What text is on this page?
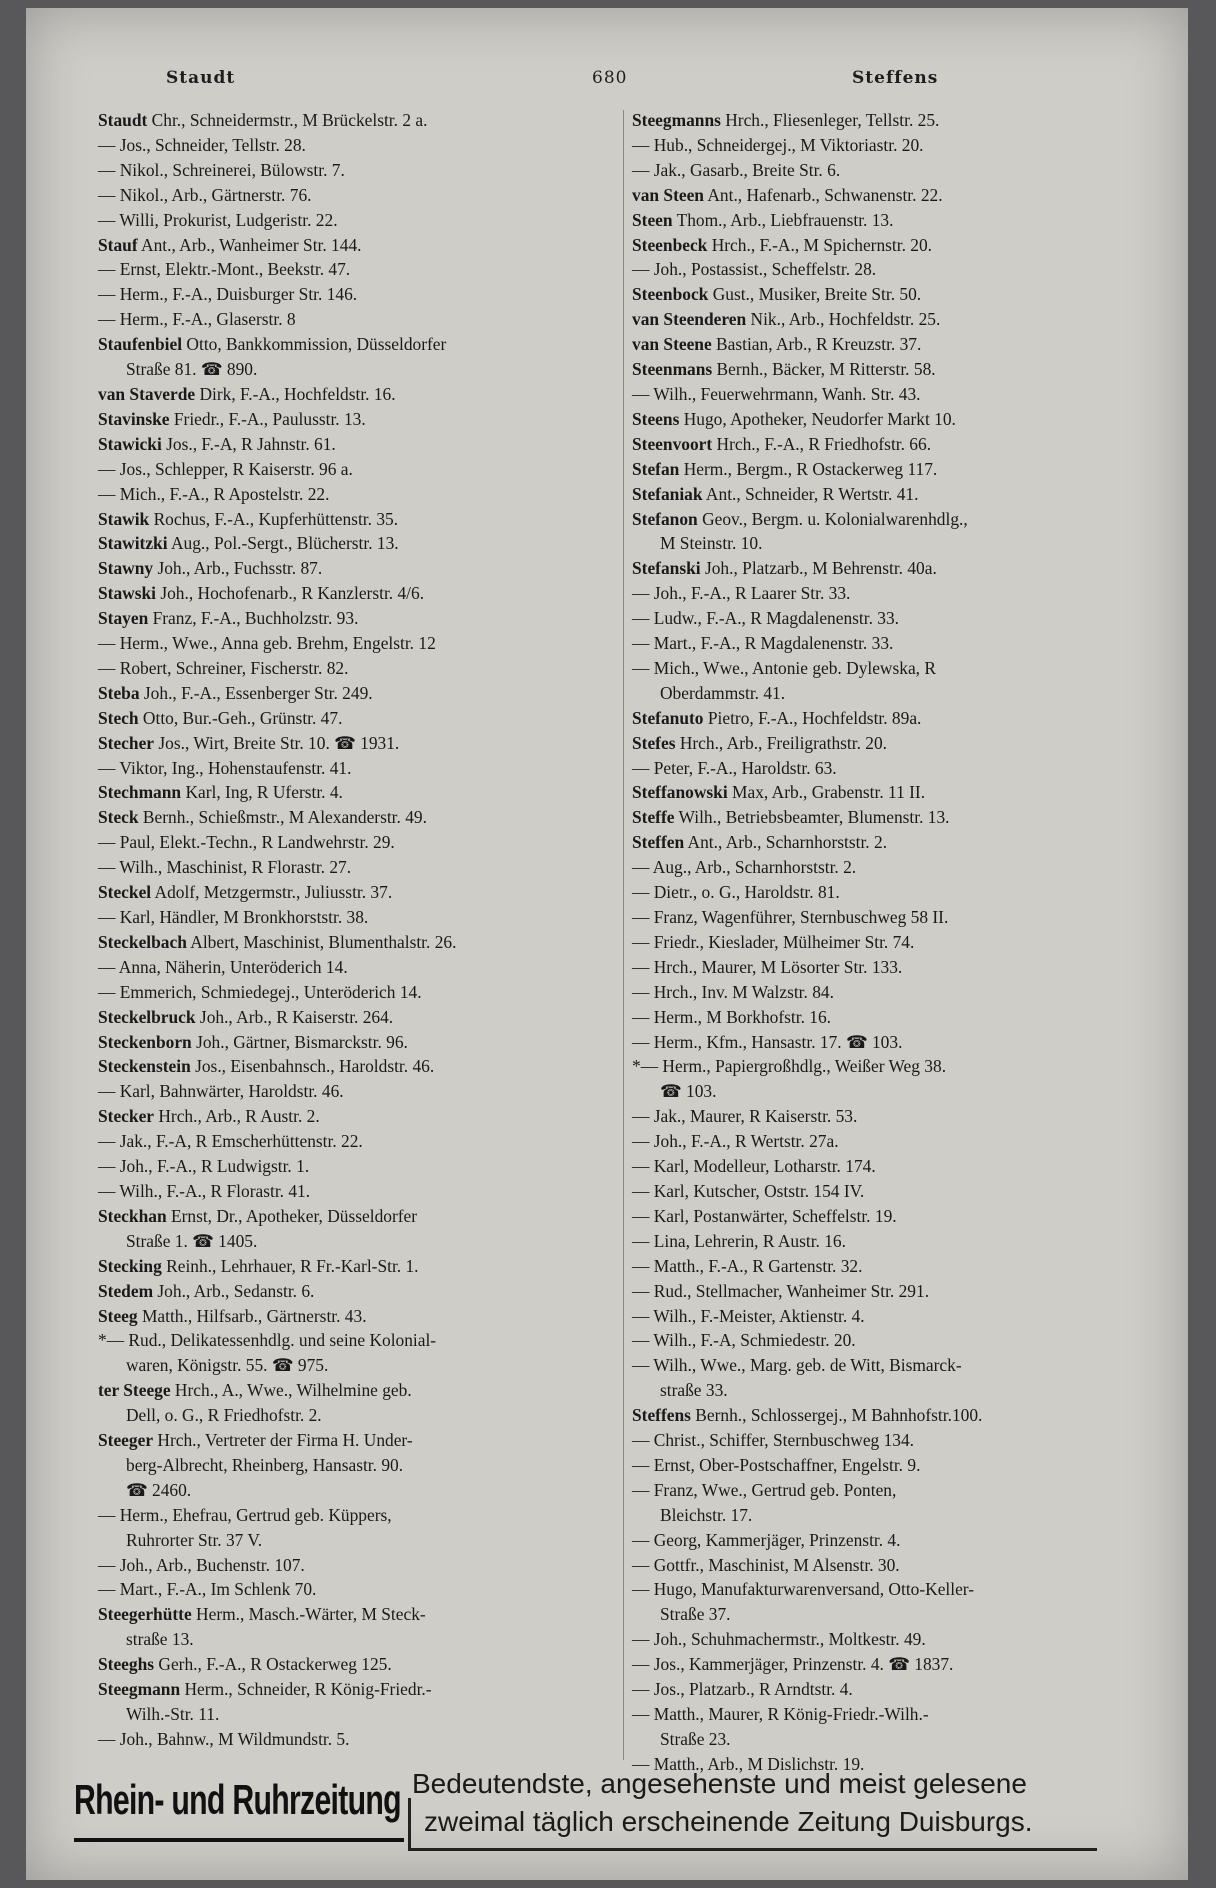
Staudt	680	Steffens
Staudt Chr., Schneidermstr., M Brückelstr. 2 a.
— Jos., Schneider, Tellstr. 28.
— Nikol., Schreinerei, Bülowstr. 7.
— Nikol., Arb., Gärtnerstr. 76.
— Willi, Prokurist, Ludgeristr. 22.
Stauf Ant., Arb., Wanheimer Str. 144.
— Ernst, Elektr.-Mont., Beekstr. 47.
— Herm., F.-A., Duisburger Str. 146.
— Herm., F.-A., Glaserstr. 8
Staufenbiel Otto, Bankkommission, Düsseldorfer
Straße 81. ☎ 890.
van Staverde Dirk, F.-A., Hochfeldstr. 16.
Stavinske Friedr., F.-A., Paulusstr. 13.
Stawicki Jos., F.-A, R Jahnstr. 61.
— Jos., Schlepper, R Kaiserstr. 96 a.
— Mich., F.-A., R Apostelstr. 22.
Stawik Rochus, F.-A., Kupferhüttenstr. 35.
Stawitzki Aug., Pol.-Sergt., Blücherstr. 13.
Stawny Joh., Arb., Fuchsstr. 87.
Stawski Joh., Hochofenarb., R Kanzlerstr. 4/6.
Stayen Franz, F.-A., Buchholzstr. 93.
— Herm., Wwe., Anna geb. Brehm, Engelstr. 12
— Robert, Schreiner, Fischerstr. 82.
Steba Joh., F.-A., Essenberger Str. 249.
Stech Otto, Bur.-Geh., Grünstr. 47.
Stecher Jos., Wirt, Breite Str. 10. ☎ 1931.
— Viktor, Ing., Hohenstaufenstr. 41.
Stechmann Karl, Ing, R Uferstr. 4.
Steck Bernh., Schießmstr., M Alexanderstr. 49.
— Paul, Elekt.-Techn., R Landwehrstr. 29.
— Wilh., Maschinist, R Florastr. 27.
Steckel Adolf, Metzgermstr., Juliusstr. 37.
— Karl, Händler, M Bronkhorststr. 38.
Steckelbach Albert, Maschinist, Blumenthalstr. 26.
— Anna, Näherin, Unteröderich 14.
— Emmerich, Schmiedegej., Unteröderich 14.
Steckelbruck Joh., Arb., R Kaiserstr. 264.
Steckenborn Joh., Gärtner, Bismarckstr. 96.
Steckenstein Jos., Eisenbahnsch., Haroldstr. 46.
— Karl, Bahnwärter, Haroldstr. 46.
Stecker Hrch., Arb., R Austr. 2.
— Jak., F.-A, R Emscherhüttenstr. 22.
— Joh., F.-A., R Ludwigstr. 1.
— Wilh., F.-A., R Florastr. 41.
Steckhan Ernst, Dr., Apotheker, Düsseldorfer
Straße 1. ☎ 1405.
Stecking Reinh., Lehrhauer, R Fr.-Karl-Str. 1.
Stedem Joh., Arb., Sedanstr. 6.
Steeg Matth., Hilfsarb., Gärtnerstr. 43.
*— Rud., Delikatessenhdlg. und seine Kolonial-
waren, Königstr. 55. ☎ 975.
ter Steege Hrch., A., Wwe., Wilhelmine geb.
Dell, o. G., R Friedhofstr. 2.
Steeger Hrch., Vertreter der Firma H. Under-
berg-Albrecht, Rheinberg, Hansastr. 90.
☎ 2460.
— Herm., Ehefrau, Gertrud geb. Küppers,
Ruhrorter Str. 37 V.
— Joh., Arb., Buchenstr. 107.
— Mart., F.-A., Im Schlenk 70.
Steegerhütte Herm., Masch.-Wärter, M Steck-
straße 13.
Steeghs Gerh., F.-A., R Ostackerweg 125.
Steegmann Herm., Schneider, R König-Friedr.-
Wilh.-Str. 11.
— Joh., Bahnw., M Wildmundstr. 5.
Steegmanns Hrch., Fliesenleger, Tellstr. 25.
— Hub., Schneidergej., M Viktoriastr. 20.
— Jak., Gasarb., Breite Str. 6.
van Steen Ant., Hafenarb., Schwanenstr. 22.
Steen Thom., Arb., Liebfrauenstr. 13.
Steenbeck Hrch., F.-A., M Spichernstr. 20.
— Joh., Postassist., Scheffelstr. 28.
Steenbock Gust., Musiker, Breite Str. 50.
van Steenderen Nik., Arb., Hochfeldstr. 25.
van Steene Bastian, Arb., R Kreuzstr. 37.
Steenmans Bernh., Bäcker, M Ritterstr. 58.
— Wilh., Feuerwehrmann, Wanh. Str. 43.
Steens Hugo, Apotheker, Neudorfer Markt 10.
Steenvoort Hrch., F.-A., R Friedhofstr. 66.
Stefan Herm., Bergm., R Ostackerweg 117.
Stefaniak Ant., Schneider, R Wertstr. 41.
Stefanon Geov., Bergm. u. Kolonialwarenhdlg.,
M Steinstr. 10.
Stefanski Joh., Platzarb., M Behrenstr. 40a.
— Joh., F.-A., R Laarer Str. 33.
— Ludw., F.-A., R Magdalenenstr. 33.
— Mart., F.-A., R Magdalenenstr. 33.
— Mich., Wwe., Antonie geb. Dylewska, R
Oberdammstr. 41.
Stefanuto Pietro, F.-A., Hochfeldstr. 89a.
Stefes Hrch., Arb., Freiligrathstr. 20.
— Peter, F.-A., Haroldstr. 63.
Steffanowski Max, Arb., Grabenstr. 11 II.
Steffe Wilh., Betriebsbeamter, Blumenstr. 13.
Steffen Ant., Arb., Scharnhorststr. 2.
— Aug., Arb., Scharnhorststr. 2.
— Dietr., o. G., Haroldstr. 81.
— Franz, Wagenführer, Sternbuschweg 58 II.
— Friedr., Kieslader, Mülheimer Str. 74.
— Hrch., Maurer, M Lösorter Str. 133.
— Hrch., Inv. M Walzstr. 84.
— Herm., M Borkhofstr. 16.
— Herm., Kfm., Hansastr. 17. ☎ 103.
*— Herm., Papiergroßhdlg., Weißer Weg 38.
☎ 103.
— Jak., Maurer, R Kaiserstr. 53.
— Joh., F.-A., R Wertstr. 27a.
— Karl, Modelleur, Lotharstr. 174.
— Karl, Kutscher, Oststr. 154 IV.
— Karl, Postanwärter, Scheffelstr. 19.
— Lina, Lehrerin, R Austr. 16.
— Matth., F.-A., R Gartenstr. 32.
— Rud., Stellmacher, Wanheimer Str. 291.
— Wilh., F.-Meister, Aktienstr. 4.
— Wilh., F.-A, Schmiedestr. 20.
— Wilh., Wwe., Marg. geb. de Witt, Bismarck-
straße 33.
Steffens Bernh., Schlossergej., M Bahnhofstr.100.
— Christ., Schiffer, Sternbuschweg 134.
— Ernst, Ober-Postschaffner, Engelstr. 9.
— Franz, Wwe., Gertrud geb. Ponten,
Bleichstr. 17.
— Georg, Kammerjäger, Prinzenstr. 4.
— Gottfr., Maschinist, M Alsenstr. 30.
— Hugo, Manufakturwarenversand, Otto-Keller-
Straße 37.
— Joh., Schuhmachermstr., Moltkestr. 49.
— Jos., Kammerjäger, Prinzenstr. 4. ☎ 1837.
— Jos., Platzarb., R Arndtstr. 4.
— Matth., Maurer, R König-Friedr.-Wilh.-
Straße 23.
— Matth., Arb., M Dislichstr. 19.
Rhein- und Ruhrzeitung Bedeutendste, angesehenste und meist gelesene
zweimal täglich erscheinende Zeitung Duisburgs.
